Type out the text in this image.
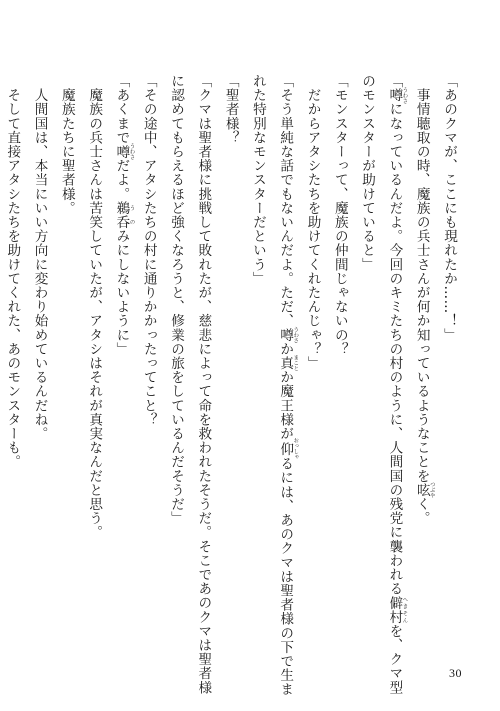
「あのクマが、ここにも現れたか……！」
　事情聴取の時、魔族の兵士さんが何か知っているようなことを呟 つぶやく。
「噂 うわさになっているんだよ。今回のキミたちの村のように、人間国の残党に襲われる僻 へき村 そんを、クマ型
のモンスターが助けていると」
「モンスターって、魔族の仲間じゃないの？
　だからアタシたちを助けてくれたんじゃ？」
「そう単純な話でもないんだよ。ただ、噂 うわさか真 まことか魔王様が仰 おっしゃるには、あのクマは聖者様の下で生ま
れた特別なモンスターだという」
「聖者様？
「クマは聖者様に挑戦して敗れたが、慈悲によって命を救われたそうだ。そこであのクマは聖者様
に認めてもらえるほど強くなろうと、修業の旅をしているんだそうだ」
「その途中、アタシたちの村に通りかかったってこと？
「あくまで噂 うわさだよ。鵜 う呑 のみにしないように」
　魔族の兵士さんは苦笑していたが、アタシはそれが真実なんだと思う。
　魔族たちに聖者様。
　人間国は、本当にいい方向に変わり始めているんだね。
　そして直接アタシたちを助けてくれた、あのモンスターも。
30
